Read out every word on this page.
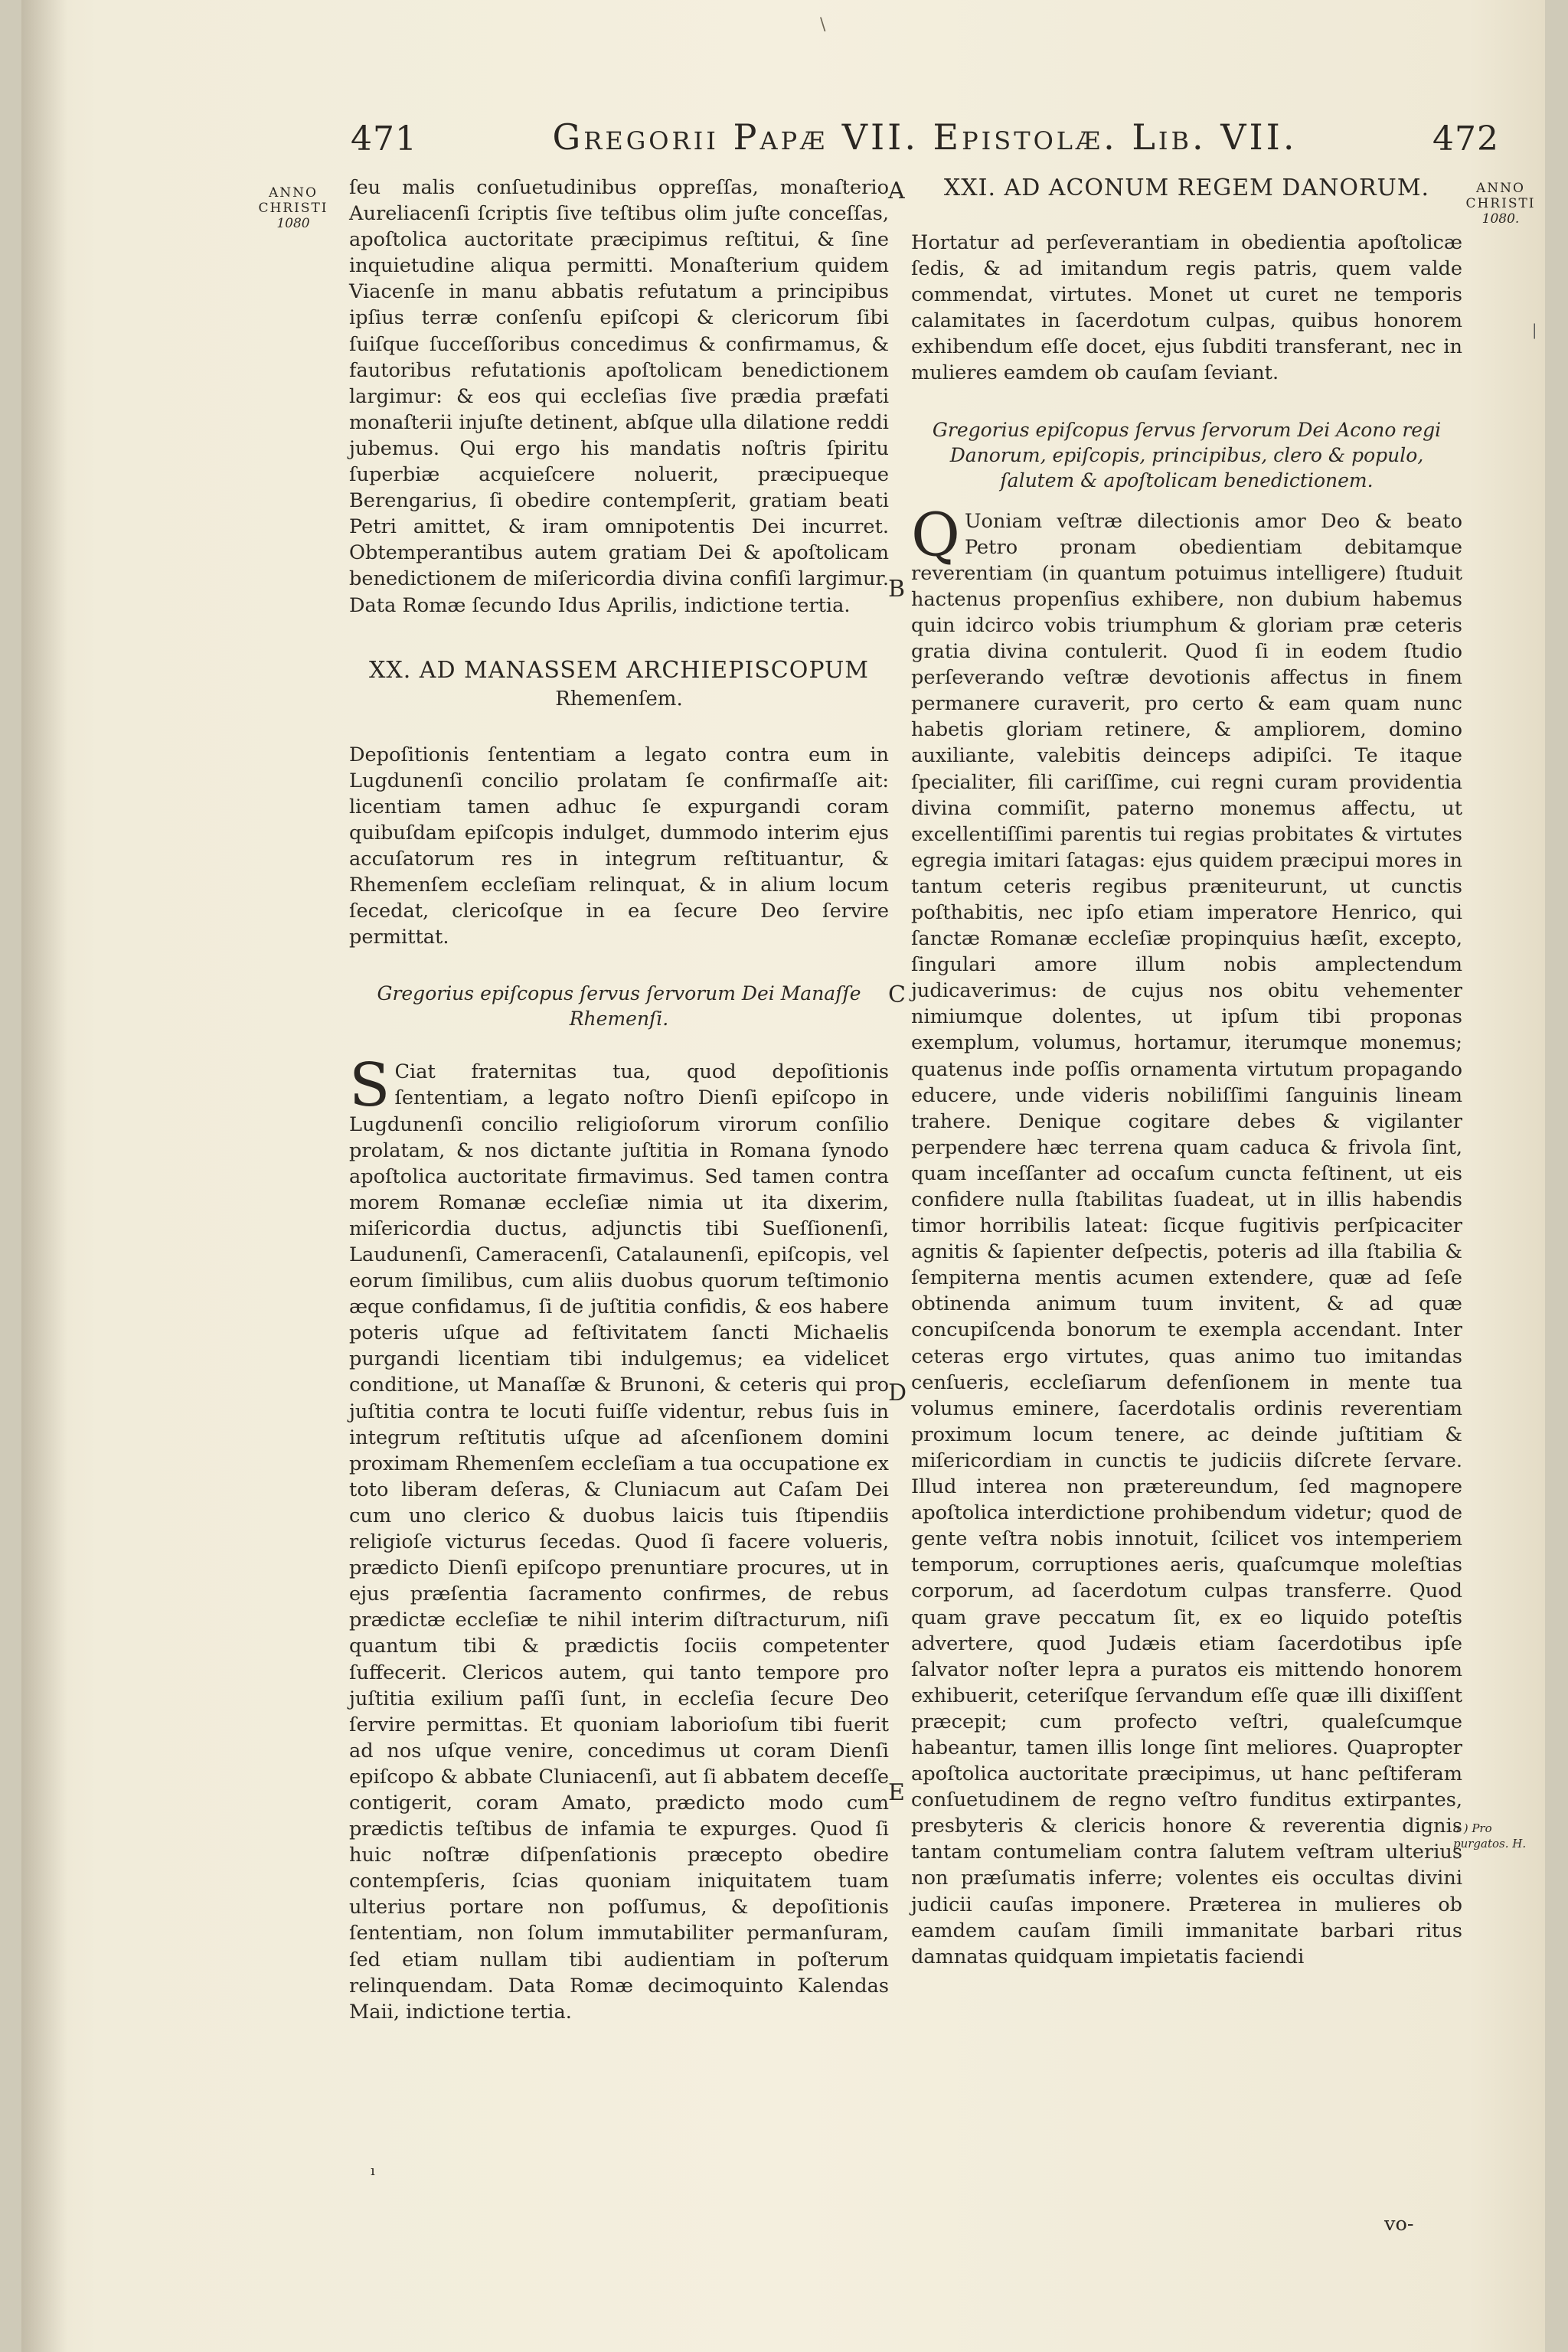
\
471	Gregorii Papæ VII. Epistolæ. Lib. VII.	472
ANNO
CHRISTI
1080
ANNO
CHRISTI
1080.
—
A
B
C
D
E

ſeu malis conſuetudinibus oppreſſas, monaſterio Aureliacenſi ſcriptis ſive teſtibus olim juſte conceſſas, apoſtolica auctoritate præcipimus reſtitui, & ſine inquietudine aliqua permitti. Monaſterium quidem Viacenſe in manu abbatis refutatum a principibus ipſius terræ conſenſu epiſcopi & clericorum ſibi ſuiſque ſucceſſoribus concedimus & confirmamus, & fautoribus refutationis apoſtolicam benedictionem largimur: & eos qui eccleſias ſive prædia præfati monaſterii injuſte detinent, abſque ulla dilatione reddi jubemus. Qui ergo his mandatis noſtris ſpiritu ſuperbiæ acquieſcere noluerit, præcipueque Berengarius, ſi obedire contempſerit, gratiam beati Petri amittet, & iram omnipotentis Dei incurret. Obtemperantibus autem gratiam Dei & apoſtolicam benedictionem de miſericordia divina confiſi largimur. Data Romæ ſecundo Idus Aprilis, indictione tertia.

XX. AD MANASSEM ARCHIEPISCOPUM

Rhemenſem.

Depoſitionis ſententiam a legato contra eum in Lugdunenſi concilio prolatam ſe confirmaſſe ait: licentiam tamen adhuc ſe expurgandi coram quibuſdam epiſcopis indulget, dummodo interim ejus accuſatorum res in integrum reſtituantur, & Rhemenſem eccleſiam relinquat, & in alium locum ſecedat, clericoſque in ea ſecure Deo ſervire permittat.

Gregorius epiſcopus ſervus ſervorum Dei Manaſſe Rhemenſi.

S Ciat fraternitas tua, quod depoſitionis ſententiam, a legato noſtro Dienſi epiſcopo in Lugdunenſi concilio religioſorum virorum conſilio prolatam, & nos dictante juſtitia in Romana ſynodo apoſtolica auctoritate firmavimus. Sed tamen contra morem Romanæ eccleſiæ nimia ut ita dixerim, miſericordia ductus, adjunctis tibi Sueſſionenſi, Laudunenſi, Cameracenſi, Catalaunenſi, epiſcopis, vel eorum ſimilibus, cum aliis duobus quorum teſtimonio æque confidamus, ſi de juſtitia confidis, & eos habere poteris uſque ad feſtivitatem ſancti Michaelis purgandi licentiam tibi indulgemus; ea videlicet conditione, ut Manaſſæ & Brunoni, & ceteris qui pro juſtitia contra te locuti fuiſſe videntur, rebus ſuis in integrum reſtitutis uſque ad aſcenſionem domini proximam Rhemenſem eccleſiam a tua occupatione ex toto liberam deſeras, & Cluniacum aut Caſam Dei cum uno clerico & duobus laicis tuis ſtipendiis religioſe victurus ſecedas. Quod ſi facere volueris, prædicto Dienſi epiſcopo prenuntiare procures, ut in ejus præſentia ſacramento confirmes, de rebus prædictæ eccleſiæ te nihil interim diſtracturum, niſi quantum tibi & prædictis ſociis competenter ſuffecerit. Clericos autem, qui tanto tempore pro juſtitia exilium paſſi ſunt, in eccleſia ſecure Deo ſervire permittas. Et quoniam laborioſum tibi fuerit ad nos uſque venire, concedimus ut coram Dienſi epiſcopo & abbate Cluniacenſi, aut ſi abbatem deceſſe contigerit, coram Amato, prædicto modo cum prædictis teſtibus de infamia te expurges. Quod ſi huic noſtræ diſpenſationis præcepto obedire contempſeris, ſcias quoniam iniquitatem tuam ulterius portare non poſſumus, & depoſitionis ſententiam, non ſolum immutabiliter permanſuram, ſed etiam nullam tibi audientiam in poſterum relinquendam. Data Romæ decimoquinto Kalendas Maii, indictione tertia.

XXI. AD ACONUM REGEM DANORUM.

Hortatur ad perſeverantiam in obedientia apoſtolicæ ſedis, & ad imitandum regis patris, quem valde commendat, virtutes. Monet ut curet ne temporis calamitates in ſacerdotum culpas, quibus honorem exhibendum eſſe docet, ejus ſubditi transferant, nec in mulieres eamdem ob cauſam ſeviant.

Gregorius epiſcopus ſervus ſervorum Dei Acono regi Danorum, epiſcopis, principibus, clero & populo, ſalutem & apoſtolicam benedictionem.

Q Uoniam veſtræ dilectionis amor Deo & beato Petro pronam obedientiam debitamque reverentiam (in quantum potuimus intelligere) ſtuduit hactenus propenſius exhibere, non dubium habemus quin idcirco vobis triumphum & gloriam præ ceteris gratia divina contulerit. Quod ſi in eodem ſtudio perſeverando veſtræ devotionis affectus in finem permanere curaverit, pro certo & eam quam nunc habetis gloriam retinere, & ampliorem, domino auxiliante, valebitis deinceps adipiſci. Te itaque ſpecialiter, fili cariſſime, cui regni curam providentia divina commiſit, paterno monemus affectu, ut excellentiſſimi parentis tui regias probitates & virtutes egregia imitari ſatagas: ejus quidem præcipui mores in tantum ceteris regibus præniteurunt, ut cunctis poſthabitis, nec ipſo etiam imperatore Henrico, qui ſanctæ Romanæ eccleſiæ propinquius hæſit, excepto, ſingulari amore illum nobis amplectendum judicaverimus: de cujus nos obitu vehementer nimiumque dolentes, ut ipſum tibi proponas exemplum, volumus, hortamur, iterumque monemus; quatenus inde poſſis ornamenta virtutum propagando educere, unde videris nobiliſſimi ſanguinis lineam trahere. Denique cogitare debes & vigilanter perpendere hæc terrena quam caduca & frivola ſint, quam inceſſanter ad occaſum cuncta feſtinent, ut eis confidere nulla ſtabilitas ſuadeat, ut in illis habendis timor horribilis lateat: ſicque fugitivis perſpicaciter agnitis & ſapienter deſpectis, poteris ad illa ſtabilia & ſempiterna mentis acumen extendere, quæ ad ſeſe obtinenda animum tuum invitent, & ad quæ concupiſcenda bonorum te exempla accendant. Inter ceteras ergo virtutes, quas animo tuo imitandas cenſueris, eccleſiarum defenſionem in mente tua volumus eminere, ſacerdotalis ordinis reverentiam proximum locum tenere, ac deinde juſtitiam & miſericordiam in cunctis te judiciis diſcrete ſervare. Illud interea non prætereundum, ſed magnopere apoſtolica interdictione prohibendum videtur; quod de gente veſtra nobis innotuit, ſcilicet vos intemperiem temporum, corruptiones aeris, quaſcumque moleſtias corporum, ad ſacerdotum culpas transferre. Quod quam grave peccatum ſit, ex eo liquido poteſtis advertere, quod Judæis etiam ſacerdotibus ipſe ſalvator noſter lepra a puratos eis mittendo honorem exhibuerit, ceteriſque ſervandum eſſe quæ illi dixiſſent præcepit; cum profecto veſtri, qualeſcumque habeantur, tamen illis longe ſint meliores. Quapropter apoſtolica auctoritate præcipimus, ut hanc peſtiferam conſuetudinem de regno veſtro funditus extirpantes, presbyteris & clericis honore & reverentia dignis tantam contumeliam contra ſalutem veſtram ulterius non præſumatis inferre; volentes eis occultas divini judicii cauſas imponere. Præterea in mulieres ob eamdem cauſam ſimili immanitate barbari ritus damnatas quidquam impietatis faciendi

vo-
a ) Pro purgatos. H.
ı
